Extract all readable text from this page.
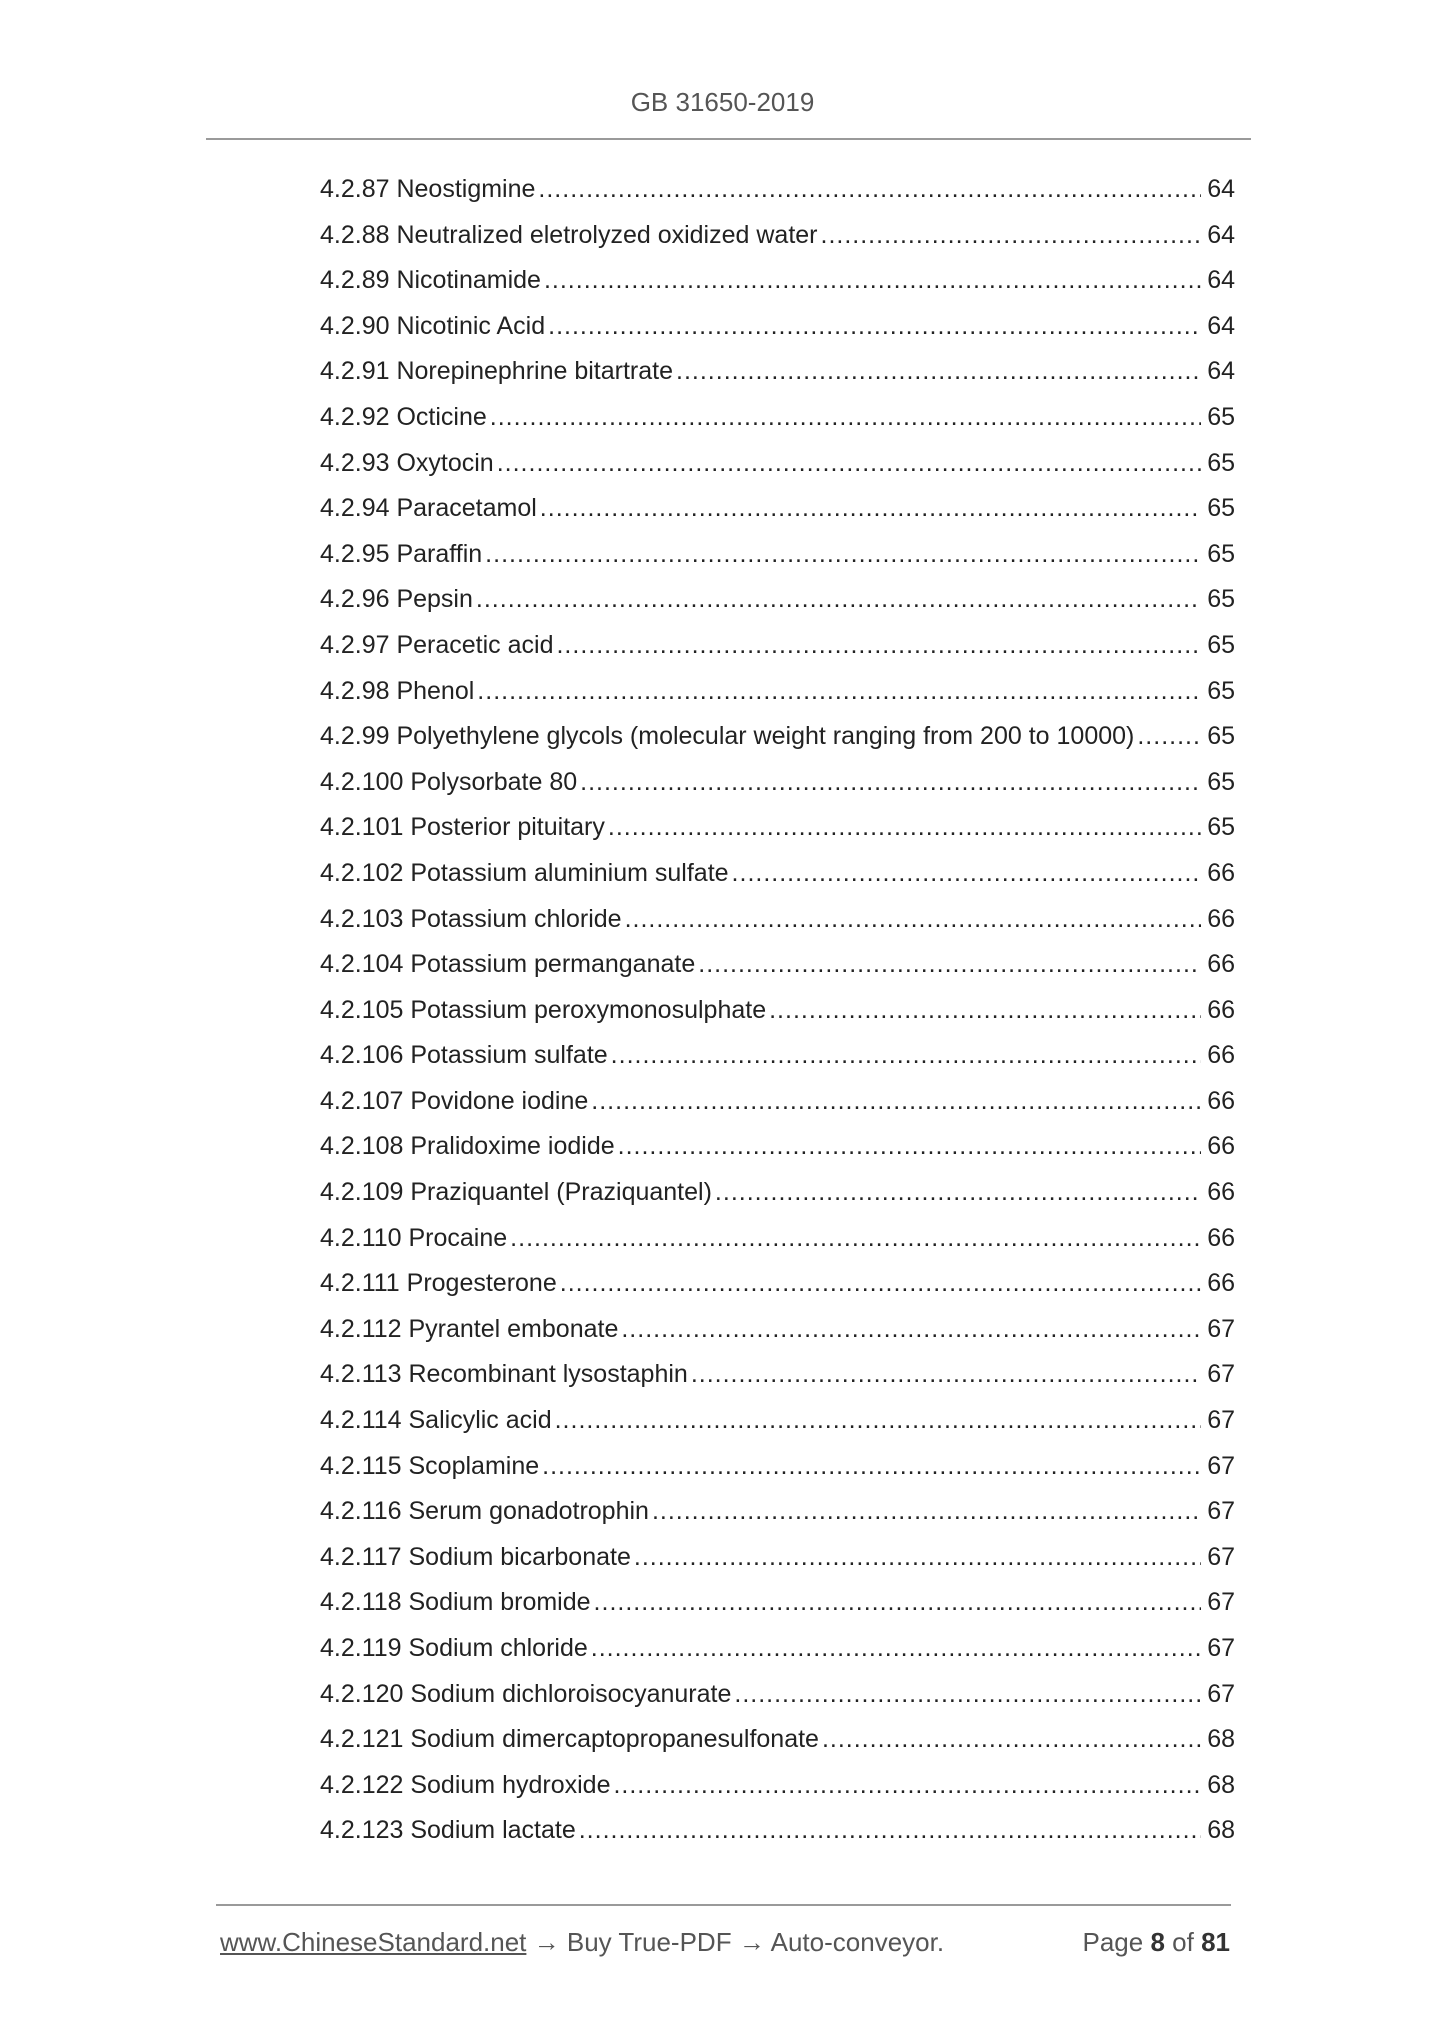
GB 31650-2019
4.2.87 Neostigmine .....	64
4.2.88 Neutralized eletrolyzed oxidized water .....	64
4.2.89 Nicotinamide .....	64
4.2.90 Nicotinic Acid .....	64
4.2.91 Norepinephrine bitartrate .....	64
4.2.92 Octicine .....	65
4.2.93 Oxytocin .....	65
4.2.94 Paracetamol .....	65
4.2.95 Paraffin .....	65
4.2.96 Pepsin .....	65
4.2.97 Peracetic acid .....	65
4.2.98 Phenol .....	65
4.2.99 Polyethylene glycols (molecular weight ranging from 200 to 10000) .....	65
4.2.100 Polysorbate 80 .....	65
4.2.101 Posterior pituitary .....	65
4.2.102 Potassium aluminium sulfate .....	66
4.2.103 Potassium chloride .....	66
4.2.104 Potassium permanganate .....	66
4.2.105 Potassium peroxymonosulphate .....	66
4.2.106 Potassium sulfate .....	66
4.2.107 Povidone iodine .....	66
4.2.108 Pralidoxime iodide .....	66
4.2.109 Praziquantel (Praziquantel) .....	66
4.2.110 Procaine .....	66
4.2.111 Progesterone .....	66
4.2.112 Pyrantel embonate .....	67
4.2.113 Recombinant lysostaphin .....	67
4.2.114 Salicylic acid .....	67
4.2.115 Scoplamine .....	67
4.2.116 Serum gonadotrophin .....	67
4.2.117 Sodium bicarbonate .....	67
4.2.118 Sodium bromide .....	67
4.2.119 Sodium chloride .....	67
4.2.120 Sodium dichloroisocyanurate .....	67
4.2.121 Sodium dimercaptopropanesulfonate .....	68
4.2.122 Sodium hydroxide .....	68
4.2.123 Sodium lactate .....	68
www.ChineseStandard.net → Buy True-PDF → Auto-conveyor.	Page 8 of 81
